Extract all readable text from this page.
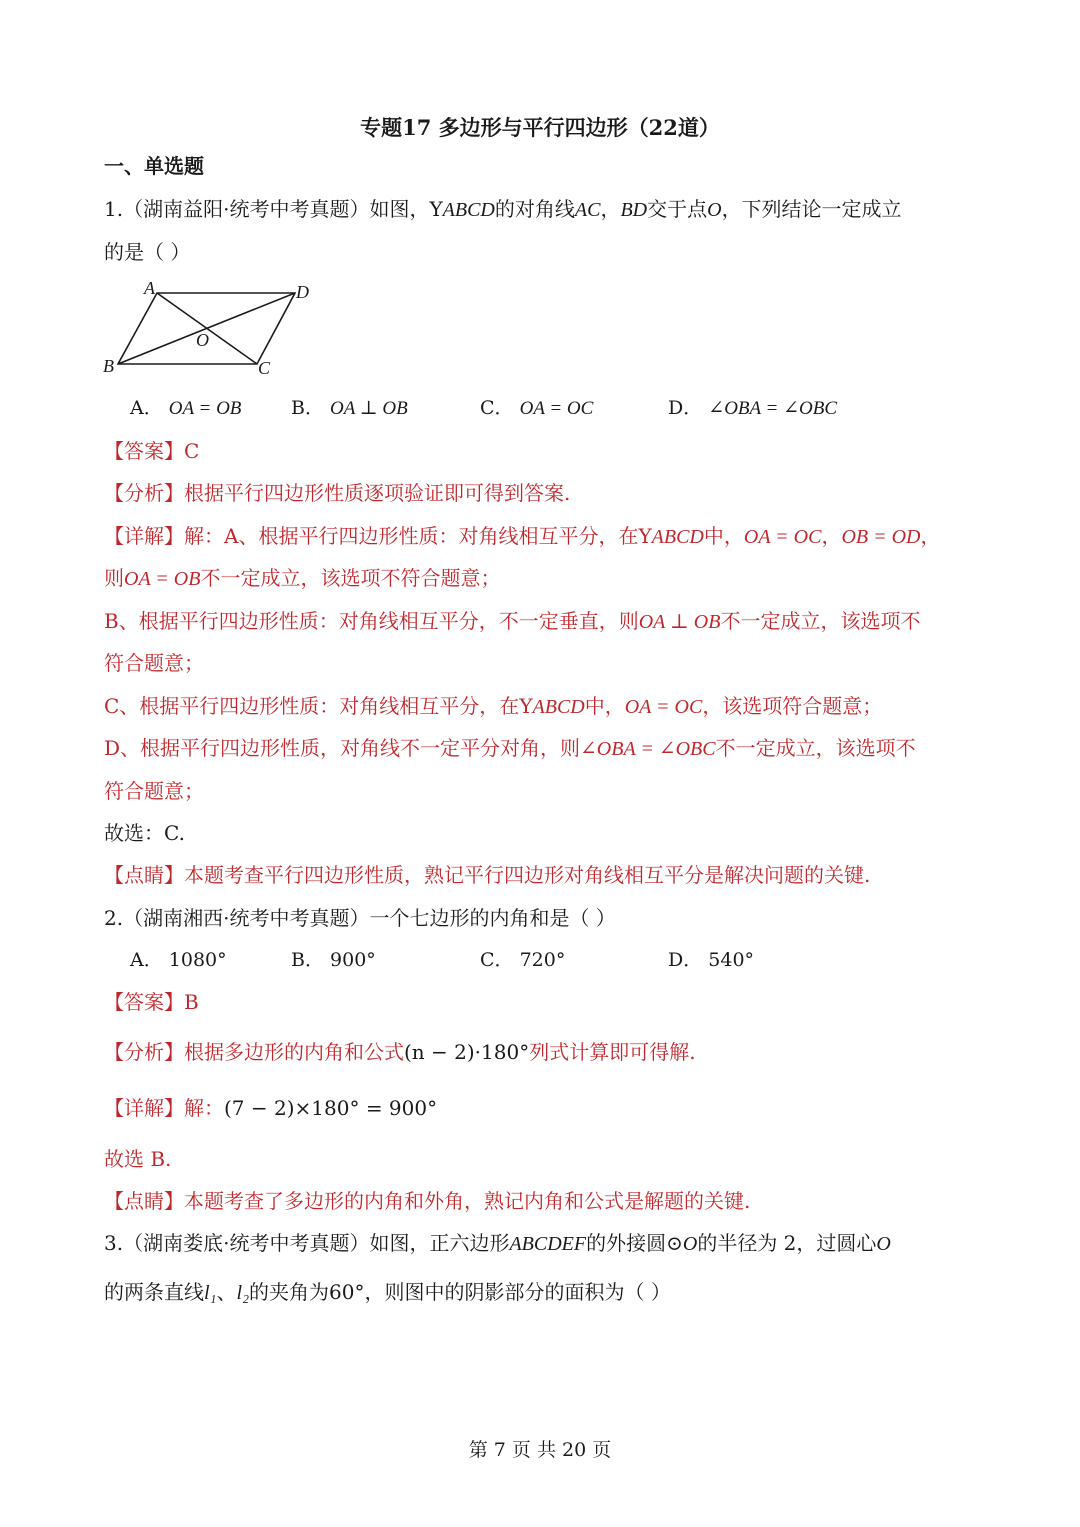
专题17 多边形与平行四边形（22道）
一、单选题
1.（湖南益阳·统考中考真题）如图，YABCD的对角线AC，BD交于点O，下列结论一定成立
的是（ ）
A	D
B	C
O
A． OA = OB	B． OA ⊥ OB	C． OA = OC	D． ∠OBA = ∠OBC
【答案】C
【分析】根据平行四边形性质逐项验证即可得到答案.
【详解】解：A、根据平行四边形性质：对角线相互平分，在YABCD中，OA = OC，OB = OD，
则OA = OB不一定成立，该选项不符合题意；
B、根据平行四边形性质：对角线相互平分，不一定垂直，则OA ⊥ OB不一定成立，该选项不
符合题意；
C、根据平行四边形性质：对角线相互平分，在YABCD中，OA = OC，该选项符合题意；
D、根据平行四边形性质，对角线不一定平分对角，则∠OBA = ∠OBC不一定成立，该选项不
符合题意；
故选：C.
【点睛】本题考查平行四边形性质，熟记平行四边形对角线相互平分是解决问题的关键.
2.（湖南湘西·统考中考真题）一个七边形的内角和是（ ）
A． 1080°	B． 900°	C． 720°	D． 540°
【答案】B
【分析】根据多边形的内角和公式(n − 2)·180°列式计算即可得解.
【详解】解：(7 − 2)×180° = 900°
故选 B.
【点睛】本题考查了多边形的内角和外角，熟记内角和公式是解题的关键.
3.（湖南娄底·统考中考真题）如图，正六边形ABCDEF的外接圆⊙O的半径为 2，过圆心O
的两条直线l₁、l₂的夹角为60°，则图中的阴影部分的面积为（ ）
第 7 页 共 20 页
